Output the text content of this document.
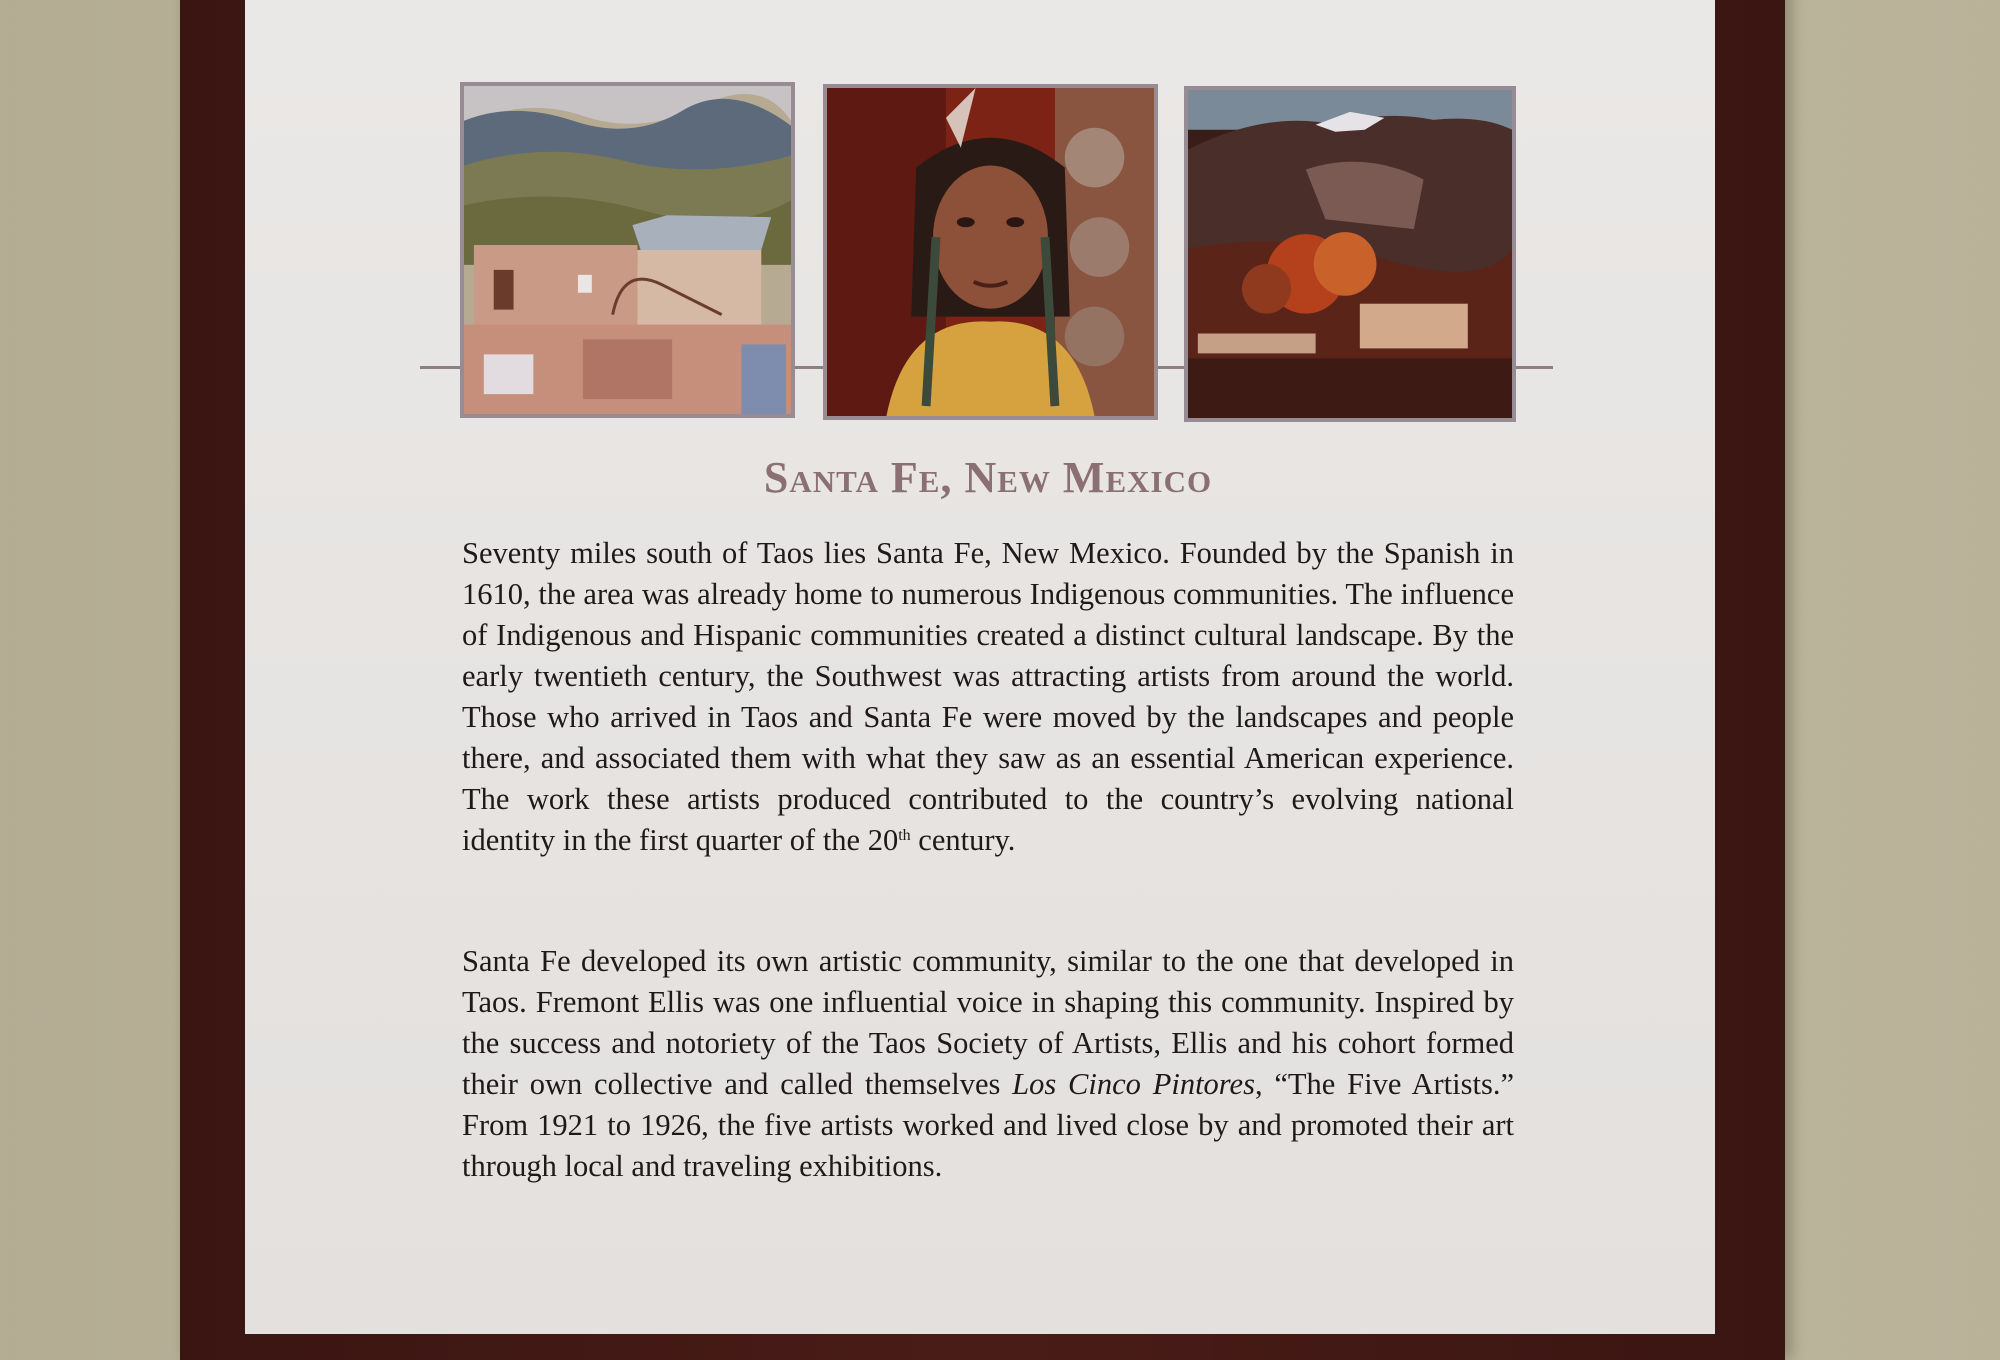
Santa Fe, New Mexico

Seventy miles south of Taos lies Santa Fe, New Mexico. Founded by the Spanish in 1610, the area was already home to numerous Indigenous communities. The influence of Indigenous and Hispanic communities created a distinct cultural landscape. By the early twentieth century, the Southwest was attracting artists from around the world. Those who arrived in Taos and Santa Fe were moved by the landscapes and people there, and associated them with what they saw as an essential American experience. The work these artists produced contributed to the country’s evolving national identity in the first quarter of the 20th century.

Santa Fe developed its own artistic community, similar to the one that developed in Taos. Fremont Ellis was one influential voice in shaping this community. Inspired by the success and notoriety of the Taos Society of Artists, Ellis and his cohort formed their own collective and called themselves Los Cinco Pintores, “The Five Artists.” From 1921 to 1926, the five artists worked and lived close by and promoted their art through local and traveling exhibitions.
